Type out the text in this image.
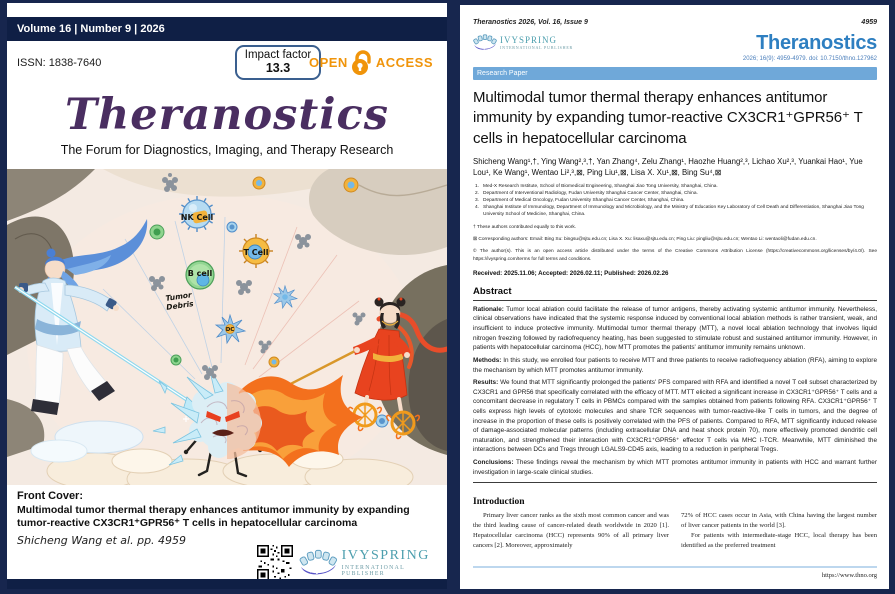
Volume 16 | Number 9 | 2026
ISSN: 1838-7640
Impact factor
13.3	OPEN ACCESS
Theranostics
The Forum for Diagnostics, Imaging, and Therapy Research
NK Cell
T Cell
B cell
DC
Tumor
Debris
Front Cover:
Multimodal tumor thermal therapy enhances antitumor immunity by expanding tumor-reactive CX3CR1⁺GPR56⁺ T cells in hepatocellular carcinoma
Shicheng Wang et al. pp. 4959
Ivys
IVYSPRING
INTERNATIONAL PUBLISHER
Theranostics 2026, Vol. 16, Issue 9	4959
Ivys
IVYSPRING
INTERNATIONAL PUBLISHER	Theranostics
2026; 16(9): 4959-4979. doi: 10.7150/thno.127962
Research Paper
Multimodal tumor thermal therapy enhances antitumor immunity by expanding tumor-reactive CX3CR1⁺GPR56⁺ T cells in hepatocellular carcinoma
Shicheng Wang¹,†, Ying Wang²,³,†, Yan Zhang⁴, Zelu Zhang¹, Haozhe Huang²,³, Lichao Xu²,³, Yuankai Hao¹, Yue Lou¹, Ke Wang¹, Wentao Li²,³,⊠, Ping Liu¹,⊠, Lisa X. Xu¹,⊠, Bing Su⁴,⊠
1. Med-X Research Institute, School of Biomedical Engineering, Shanghai Jiao Tong University, Shanghai, China.
2. Department of Interventional Radiology, Fudan University Shanghai Cancer Center, Shanghai, China.
3. Department of Medical Oncology, Fudan University Shanghai Cancer Center, Shanghai, China.
4. Shanghai Institute of Immunology, Department of Immunology and Microbiology, and the Ministry of Education Key Laboratory of Cell Death and Differentiation, Shanghai Jiao Tong University School of Medicine, Shanghai, China.
† These authors contributed equally to this work.
⊠ Corresponding authors: Email: Bing Su: bingsu@sjtu.edu.cn; Lisa X. Xu: lisaxu@sjtu.edu.cn; Ping Liu: pingliu@sjtu.edu.cn; Wentao Li: wentaoli@fudan.edu.cn.
© The author(s). This is an open access article distributed under the terms of the Creative Commons Attribution License (https://creativecommons.org/licenses/by/4.0/). See https://ivyspring.com/terms for full terms and conditions.
Received: 2025.11.06; Accepted: 2026.02.11; Published: 2026.02.26
Abstract

Rationale: Tumor local ablation could facilitate the release of tumor antigens, thereby activating systemic antitumor immunity. Nevertheless, clinical observations have indicated that the systemic response induced by conventional local ablation methods is rather transient, weak, and insufficient to induce protective immunity. Multimodal tumor thermal therapy (MTT), a novel local ablation technology that involves liquid nitrogen freezing followed by radiofrequency heating, has been suggested to stimulate robust and sustained antitumor immunity. However, in patients with hepatocellular carcinoma (HCC), how MTT promotes the patients' antitumor immunity remains unknown.

Methods: In this study, we enrolled four patients to receive MTT and three patients to receive radiofrequency ablation (RFA), aiming to explore the mechanism by which MTT promotes antitumor immunity.

Results: We found that MTT significantly prolonged the patients' PFS compared with RFA and identified a novel T cell subset characterized by CX3CR1 and GPR56 that specifically correlated with the efficacy of MTT. MTT elicited a significant increase in CX3CR1⁺GPR56⁺ T cells and a concomitant decrease in regulatory T cells in PBMCs compared with the samples obtained from patients following RFA. CX3CR1⁺GPR56⁺ T cells express high levels of cytotoxic molecules and share TCR sequences with tumor-reactive-like T cells in tumors, and the degree of increase in the proportion of these cells is positively correlated with the PFS of patients. Compared to RFA, MTT significantly induced release of damage-associated molecular patterns (including extracellular DNA and heat shock protein 70), more effectively promoted dendritic cell maturation, and strengthened their interaction with CX3CR1⁺GPR56⁺ effector T cells via MHC I-TCR. Meanwhile, MTT diminished the interactions between DCs and Tregs through LGALS9-CD45 axis, leading to a reduction in peripheral Tregs.

Conclusions: These findings reveal the mechanism by which MTT promotes antitumor immunity in patients with HCC and warrant further investigation in large-scale clinical studies.

Introduction

Primary liver cancer ranks as the sixth most common cancer and was the third leading cause of cancer-related death worldwide in 2020 [1]. Hepatocellular carcinoma (HCC) represents 90% of all primary liver cancers [2]. Moreover, approximately

72% of HCC cases occur in Asia, with China having the largest number of liver cancer patients in the world [3].

For patients with intermediate-stage HCC, local therapy has been identified as the preferred treatment

https://www.thno.org
